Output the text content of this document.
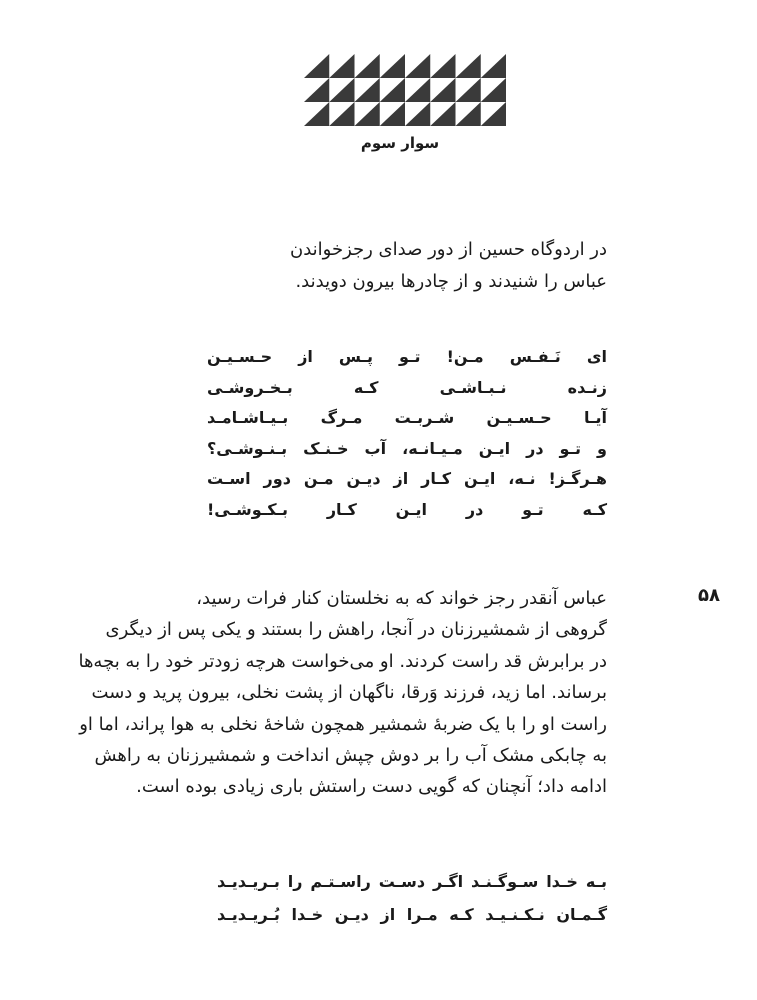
سوار سوم
در اردوگاه حسین از دور صدای رجزخواندن
عباس را شنیدند و از چادرها بیرون دویدند.
ای نَـفـس مـن! تـو پـس از حـسـیـن
زنـده نـبـاشـی کـه بـخـروشـی
آیـا حـسـیـن شـربـت مـرگ بـیـاشـامـد
و تـو در ایـن مـیـانـه، آب خـنـک بـنـوشـی؟
هـرگـز! نـه، ایـن کـار از دیـن مـن دور اسـت
کـه تـو در ایـن کـار بـکـوشـی!
۵۸
عباس آنقدر رجز خواند که به نخلستان کنار فرات رسید،
گروهی از شمشیرزنان در آنجا، راهش را بستند و یکی پس از دیگری
در برابرش قد راست کردند. او می‌خواست هرچه زودتر خود را به بچه‌ها
برساند. اما زید، فرزند وَرقا، ناگهان از پشت نخلی، بیرون پرید و دست
راست او را با یک ضربهٔ شمشیر همچون شاخهٔ نخلی به هوا پراند، اما او
به چابکی مشک آب را بر دوش چپش انداخت و شمشیرزنان به راهش
ادامه داد؛ آنچنان که گویی دست راستش باری زیادی بوده است.
بـه خـدا سـوگـنـد اگـر دسـت راسـتـم را بـریـدیـد
گـمـان نـکـنـیـد کـه مـرا از دیـن خـدا بُـریـدیـد
